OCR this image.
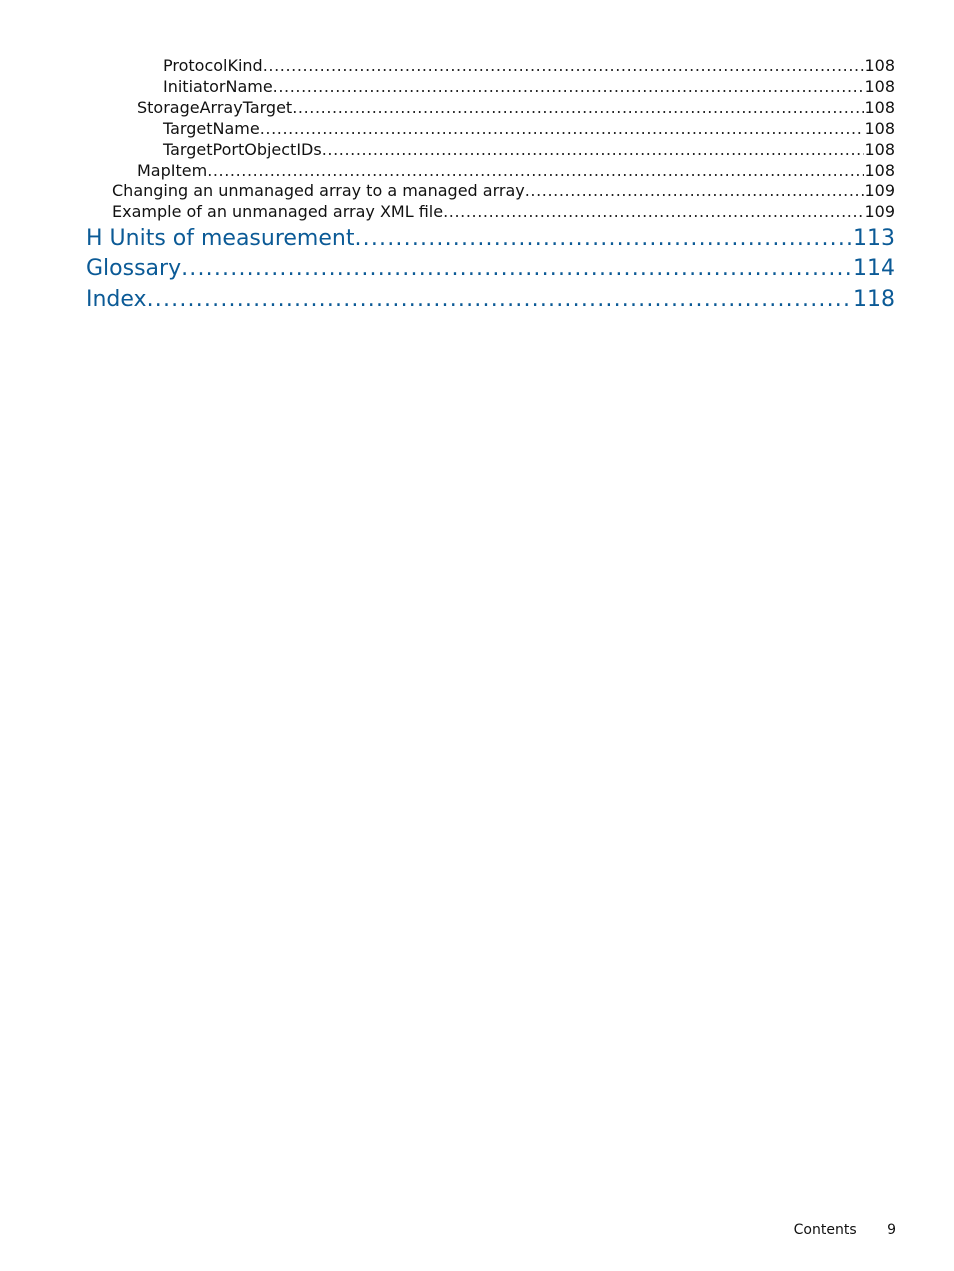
ProtocolKind .....	108
InitiatorName .....	108
StorageArrayTarget .....	108
TargetName .....	108
TargetPortObjectIDs .....	108
MapItem .....	108
Changing an unmanaged array to a managed array .....	109
Example of an unmanaged array XML file .....	109
H Units of measurement .....	113
Glossary .....	114
Index .....	118
Contents 9
